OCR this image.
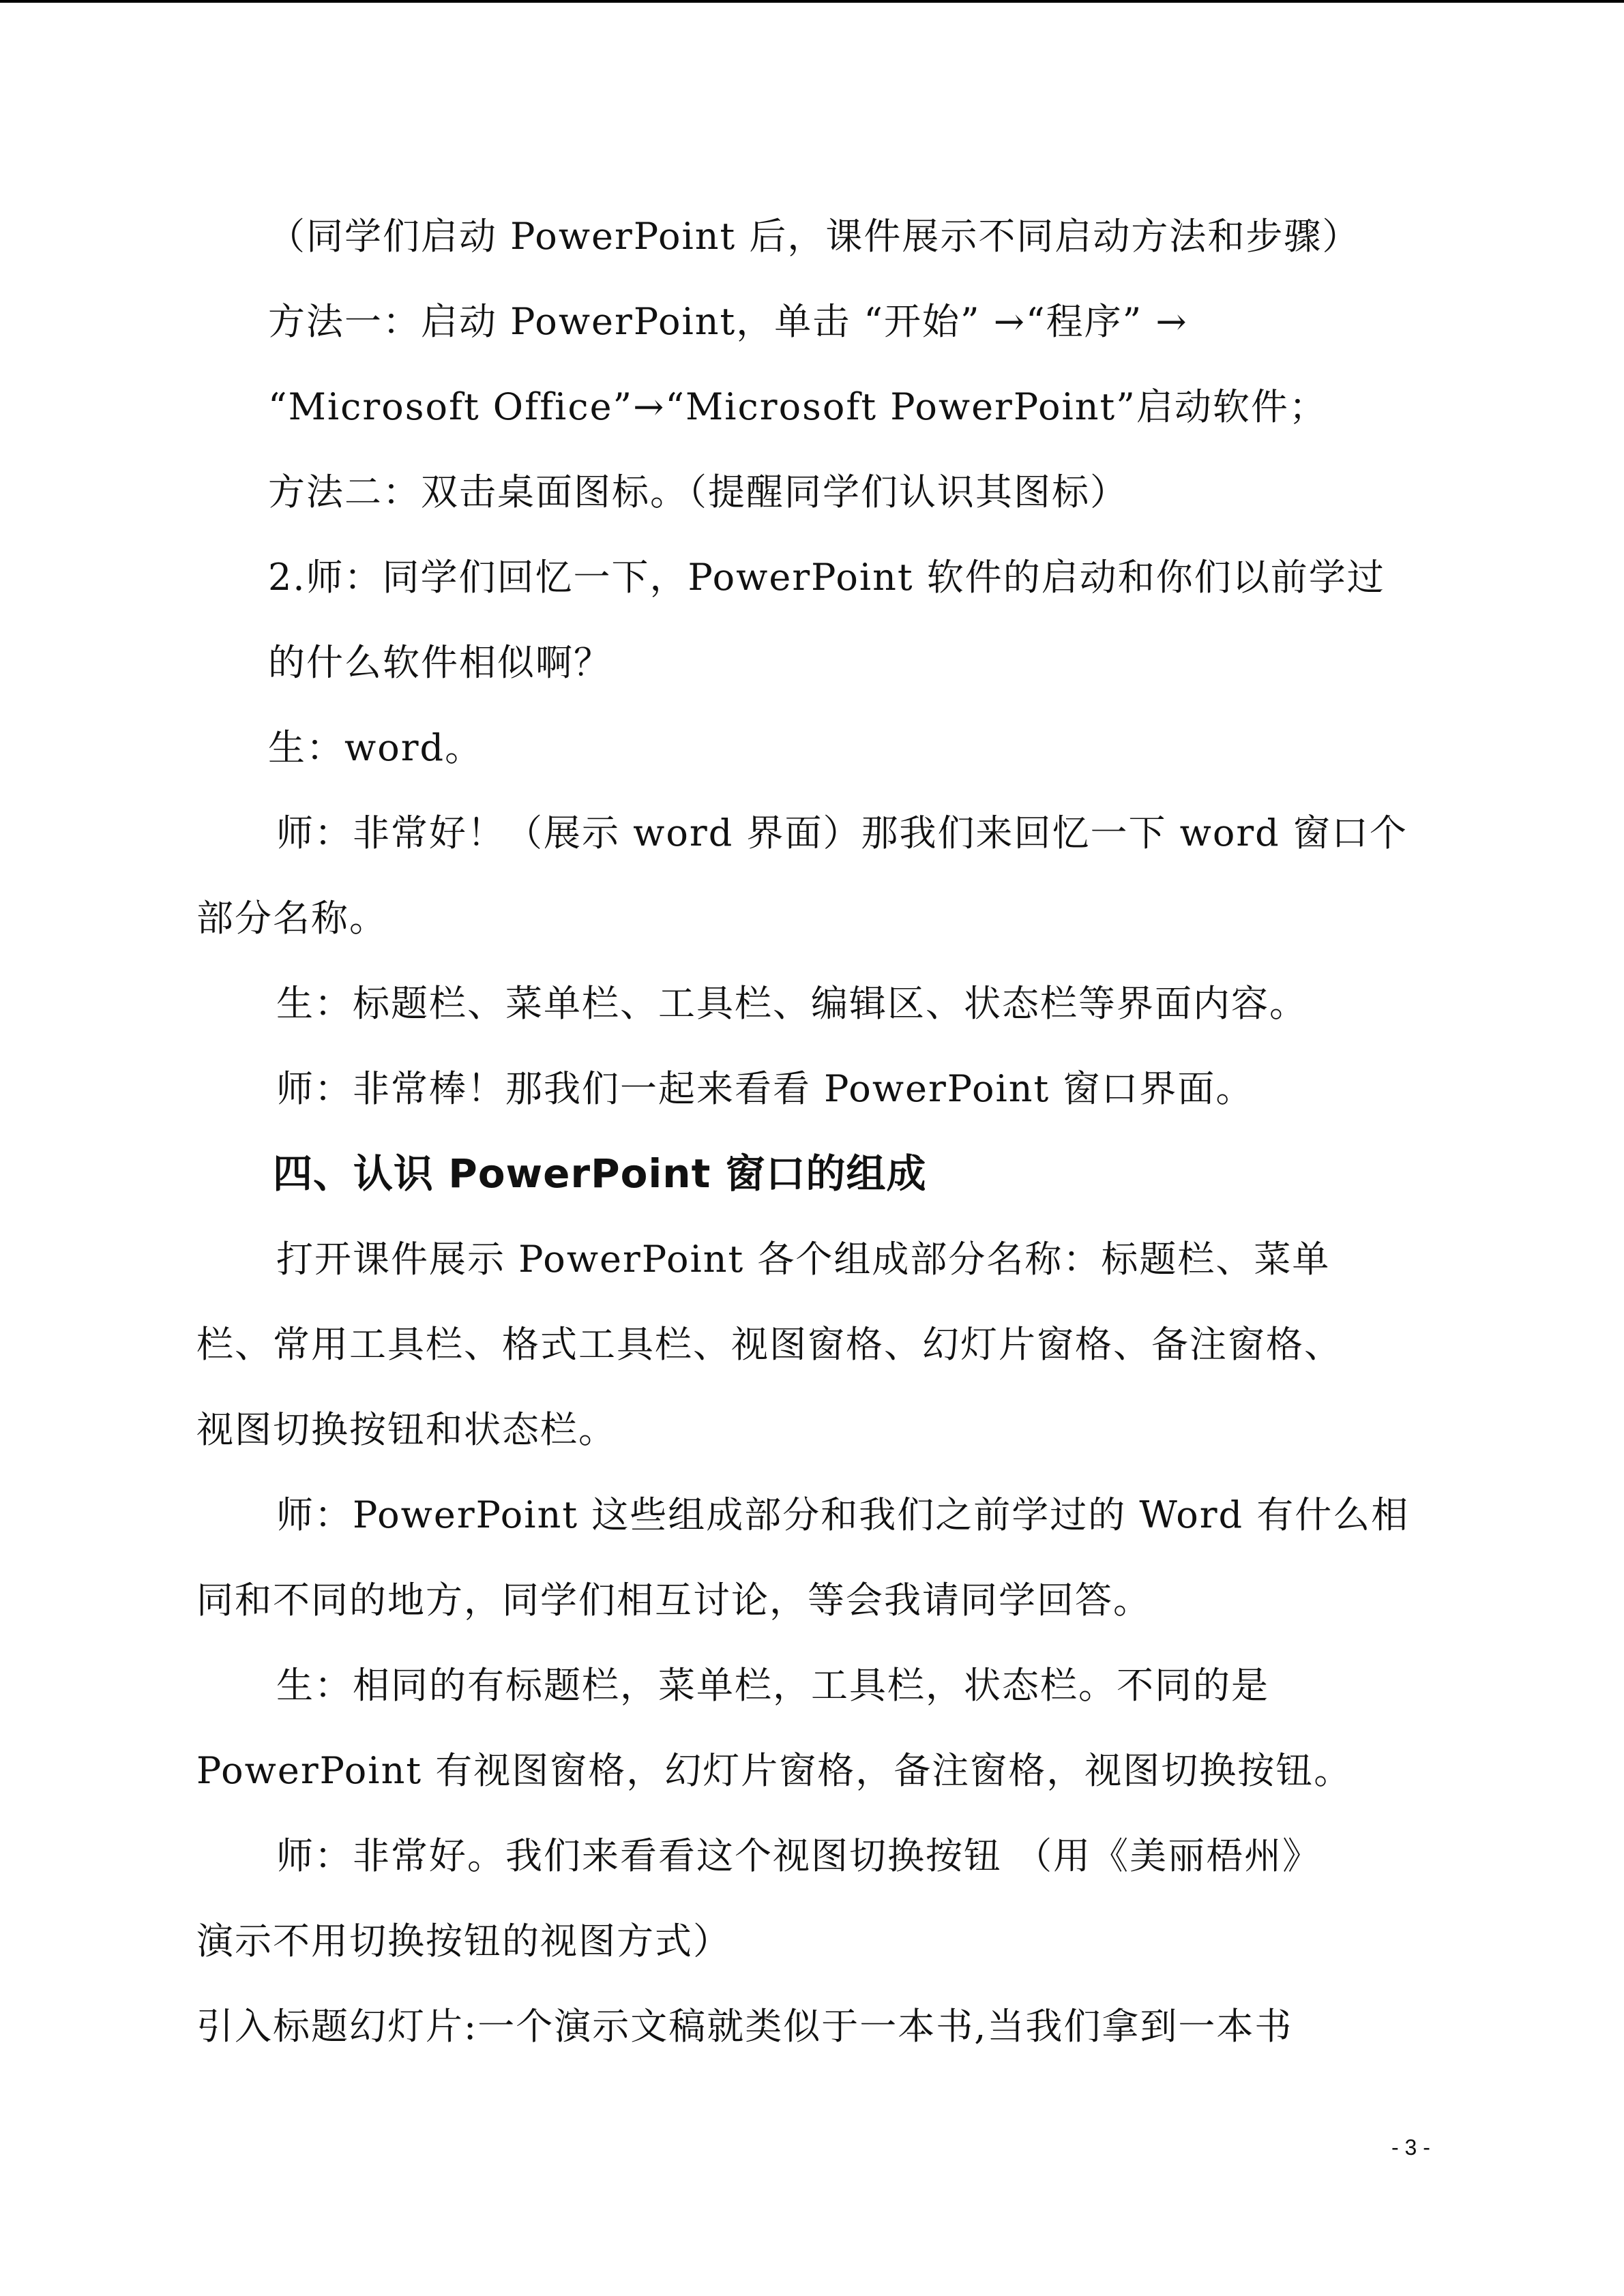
（同学们启动 PowerPoint 后，课件展示不同启动方法和步骤）
方法一：启动 PowerPoint，单击 “开始” →“程序” →
“Microsoft Office”→“Microsoft PowerPoint”启动软件；
方法二：双击桌面图标。（提醒同学们认识其图标）
2.师：同学们回忆一下，PowerPoint 软件的启动和你们以前学过
的什么软件相似啊？
生：word。
师：非常好！（展示 word 界面）那我们来回忆一下 word 窗口个
部分名称。
生：标题栏、菜单栏、工具栏、编辑区、状态栏等界面内容。
师：非常棒！那我们一起来看看 PowerPoint 窗口界面。
四、认识 PowerPoint 窗口的组成
打开课件展示 PowerPoint 各个组成部分名称：标题栏、菜单
栏、常用工具栏、格式工具栏、视图窗格、幻灯片窗格、备注窗格、
视图切换按钮和状态栏。
师：PowerPoint 这些组成部分和我们之前学过的 Word 有什么相
同和不同的地方，同学们相互讨论，等会我请同学回答。
生：相同的有标题栏，菜单栏，工具栏，状态栏。不同的是
PowerPoint 有视图窗格，幻灯片窗格，备注窗格，视图切换按钮。
师：非常好。我们来看看这个视图切换按钮 （用《美丽梧州》
演示不用切换按钮的视图方式）
引入标题幻灯片:一个演示文稿就类似于一本书,当我们拿到一本书
- 3 -
